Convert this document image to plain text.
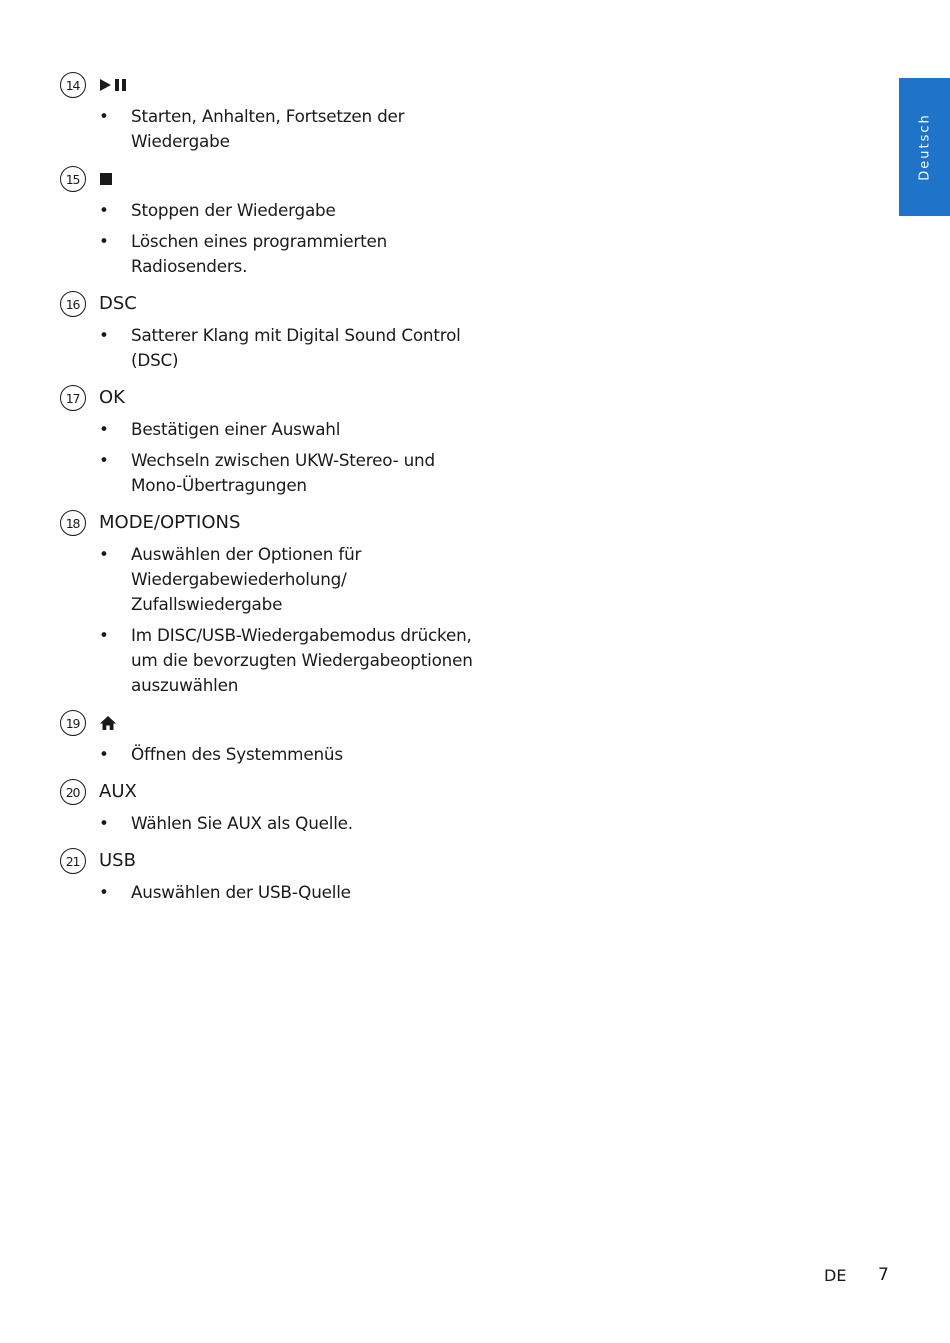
Deutsch
14
• Starten, Anhalten, Fortsetzen der Wiedergabe
15
• Stoppen der Wiedergabe
• Löschen eines programmierten Radiosenders.
16	DSC
• Satterer Klang mit Digital Sound Control (DSC)
17	OK
• Bestätigen einer Auswahl
• Wechseln zwischen UKW-Stereo- und Mono-Übertragungen
18	MODE/OPTIONS
• Auswählen der Optionen für Wiedergabewiederholung/ Zufallswiedergabe
• Im DISC/USB-Wiedergabemodus drücken, um die bevorzugten Wiedergabeoptionen auszuwählen
19
• Öffnen des Systemmenüs
20	AUX
• Wählen Sie AUX als Quelle.
21	USB
• Auswählen der USB-Quelle
DE 7
